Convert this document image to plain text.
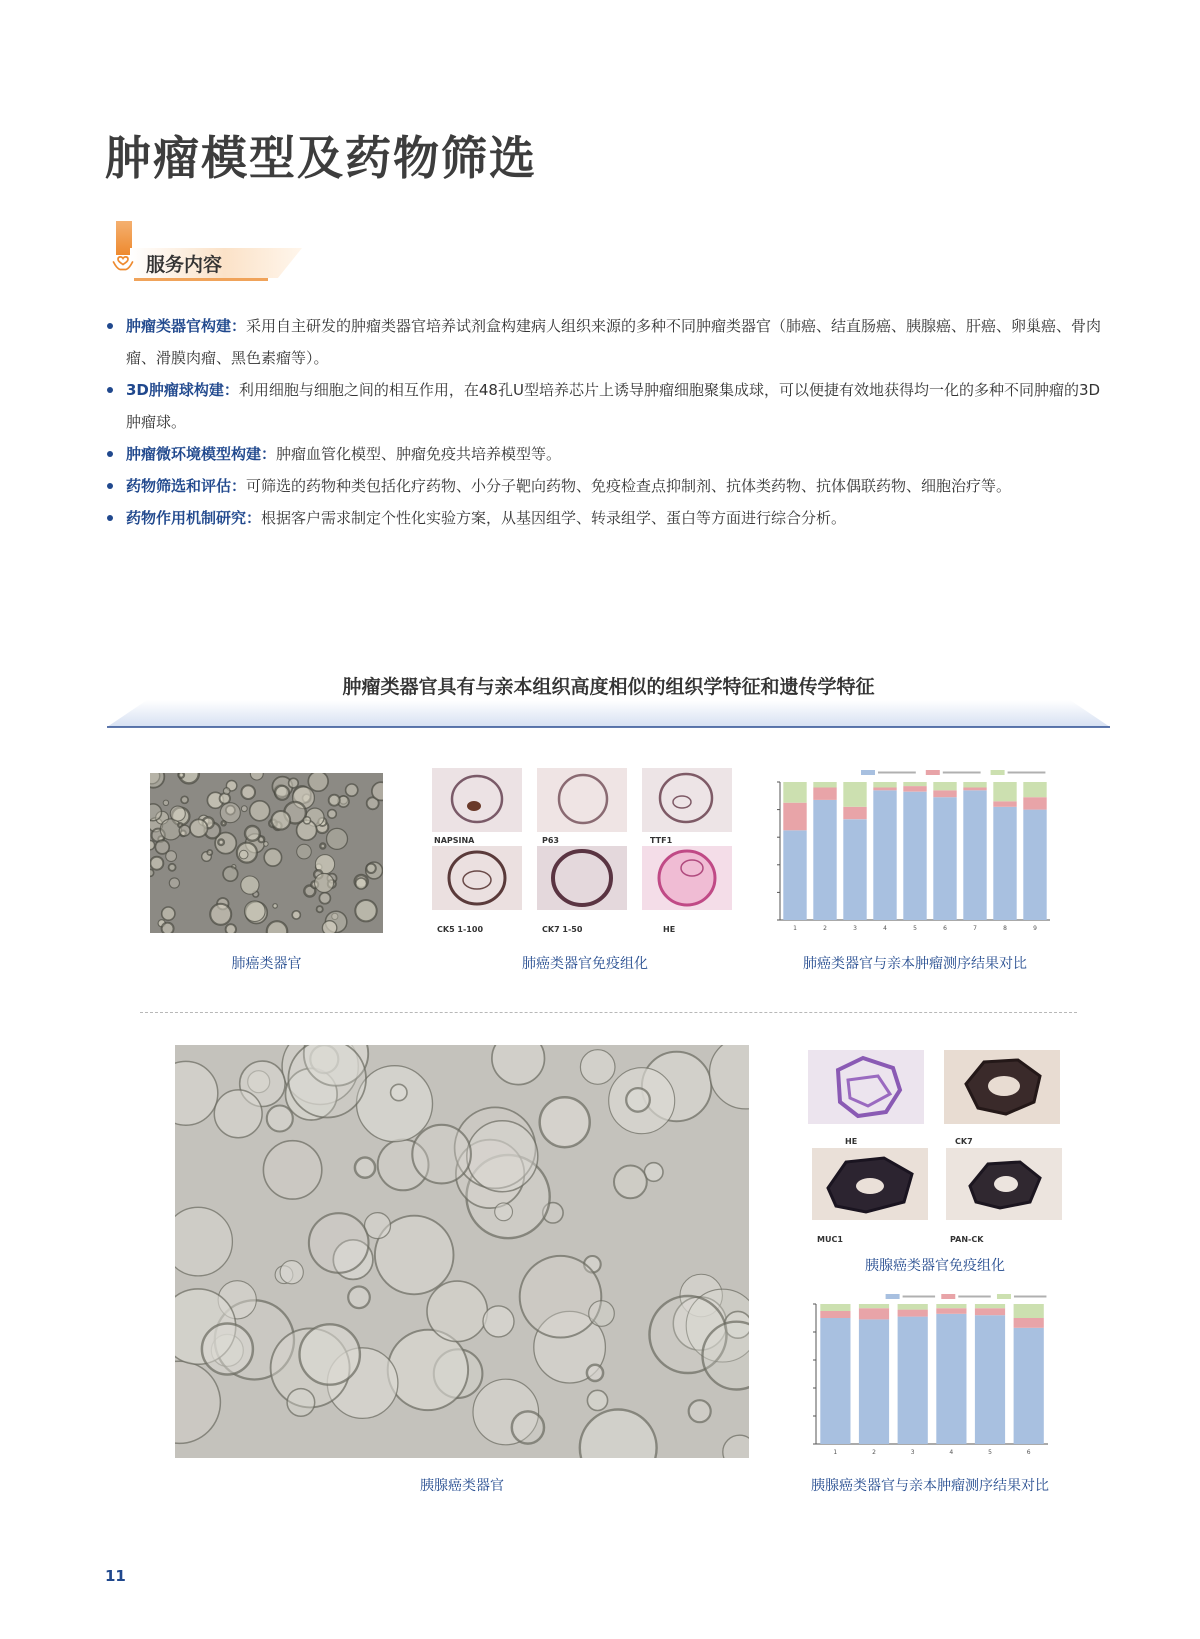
肿瘤模型及药物筛选
服务内容
肿瘤类器官构建：采用自主研发的肿瘤类器官培养试剂盒构建病人组织来源的多种不同肿瘤类器官（肺癌、结直肠癌、胰腺癌、肝癌、卵巢癌、骨肉瘤、滑膜肉瘤、黑色素瘤等）。
3D肿瘤球构建：利用细胞与细胞之间的相互作用，在48孔U型培养芯片上诱导肿瘤细胞聚集成球，可以便捷有效地获得均一化的多种不同肿瘤的3D肿瘤球。
肿瘤微环境模型构建：肿瘤血管化模型、肿瘤免疫共培养模型等。
药物筛选和评估：可筛选的药物种类包括化疗药物、小分子靶向药物、免疫检查点抑制剂、抗体类药物、抗体偶联药物、细胞治疗等。
药物作用机制研究：根据客户需求制定个性化实验方案，从基因组学、转录组学、蛋白等方面进行综合分析。
肿瘤类器官具有与亲本组织高度相似的组织学特征和遗传学特征
肺癌类器官
NAPSINA	P63	TTF1
CK5 1-100	CK7 1-50	HE
肺癌类器官免疫组化
1	2	3	4	5	6	7	8	9
肺癌类器官与亲本肿瘤测序结果对比
胰腺癌类器官
HE	CK7
MUC1	PAN-CK
胰腺癌类器官免疫组化
1	2	3	4	5	6
胰腺癌类器官与亲本肿瘤测序结果对比
11
